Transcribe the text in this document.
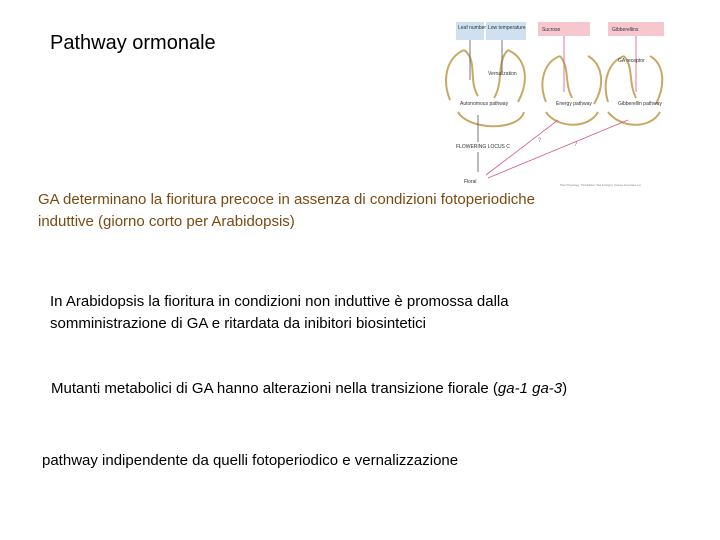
Pathway ormonale
Leaf number Low temperature	Sucrose	Gibberellins
Vernalization
Autonomous pathway	Energy pathway
GA receptor
Gibberellin pathway
FLOWERING LOCUS C
Floral
?
?
Plant Physiology, Third Edition (Taiz & Zeiger), Sinauer Associates, Inc.
GA determinano la fioritura precoce in assenza di condizioni fotoperiodiche induttive (giorno corto per Arabidopsis)
In Arabidopsis la fioritura in condizioni non induttive è promossa dalla somministrazione di GA e ritardata da inibitori biosintetici
Mutanti metabolici di GA hanno alterazioni nella transizione fiorale (ga-1 ga-3)
pathway indipendente da quelli fotoperiodico e vernalizzazione
